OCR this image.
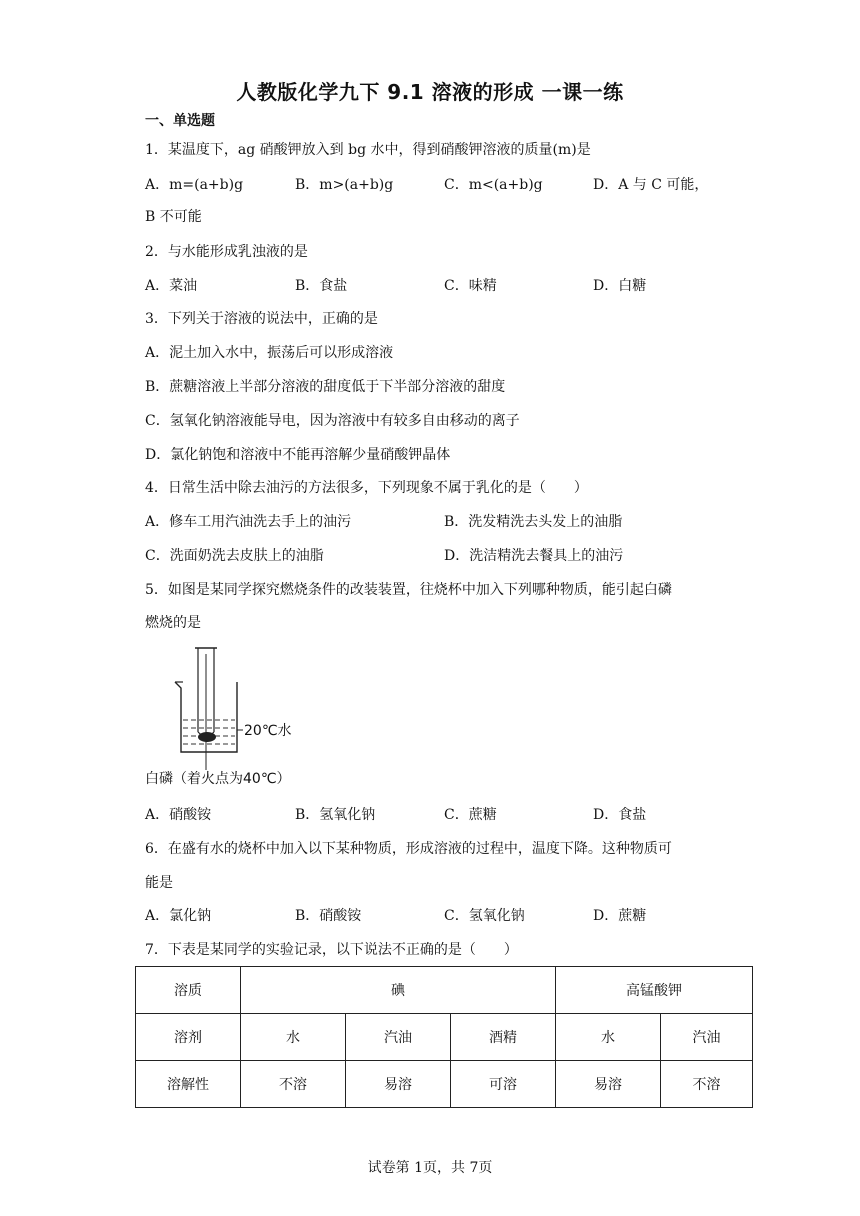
人教版化学九下 9.1 溶液的形成 一课一练
一、单选题
1．某温度下，ag 硝酸钾放入到 bg 水中，得到硝酸钾溶液的质量(m)是
A．m=(a+b)g	B．m>(a+b)g	C．m<(a+b)g	D．A 与 C 可能，
B 不可能
2．与水能形成乳浊液的是
A．菜油	B．食盐	C．味精	D．白糖
3．下列关于溶液的说法中，正确的是
A．泥土加入水中，振荡后可以形成溶液
B．蔗糖溶液上半部分溶液的甜度低于下半部分溶液的甜度
C．氢氧化钠溶液能导电，因为溶液中有较多自由移动的离子
D．氯化钠饱和溶液中不能再溶解少量硝酸钾晶体
4．日常生活中除去油污的方法很多，下列现象不属于乳化的是（　　）
A．修车工用汽油洗去手上的油污	B．洗发精洗去头发上的油脂
C．洗面奶洗去皮肤上的油脂	D．洗洁精洗去餐具上的油污
5．如图是某同学探究燃烧条件的改装装置，往烧杯中加入下列哪种物质，能引起白磷
燃烧的是
20℃水
白磷（着火点为40℃）
A．硝酸铵	B．氢氧化钠	C．蔗糖	D．食盐
6．在盛有水的烧杯中加入以下某种物质，形成溶液的过程中，温度下降。这种物质可
能是
A．氯化钠	B．硝酸铵	C．氢氧化钠	D．蔗糖
7．下表是某同学的实验记录，以下说法不正确的是（　　）
溶质	碘			高锰酸钾	
溶剂	水	汽油	酒精	水	汽油
溶解性	不溶	易溶	可溶	易溶	不溶
试卷第 1页，共 7页
